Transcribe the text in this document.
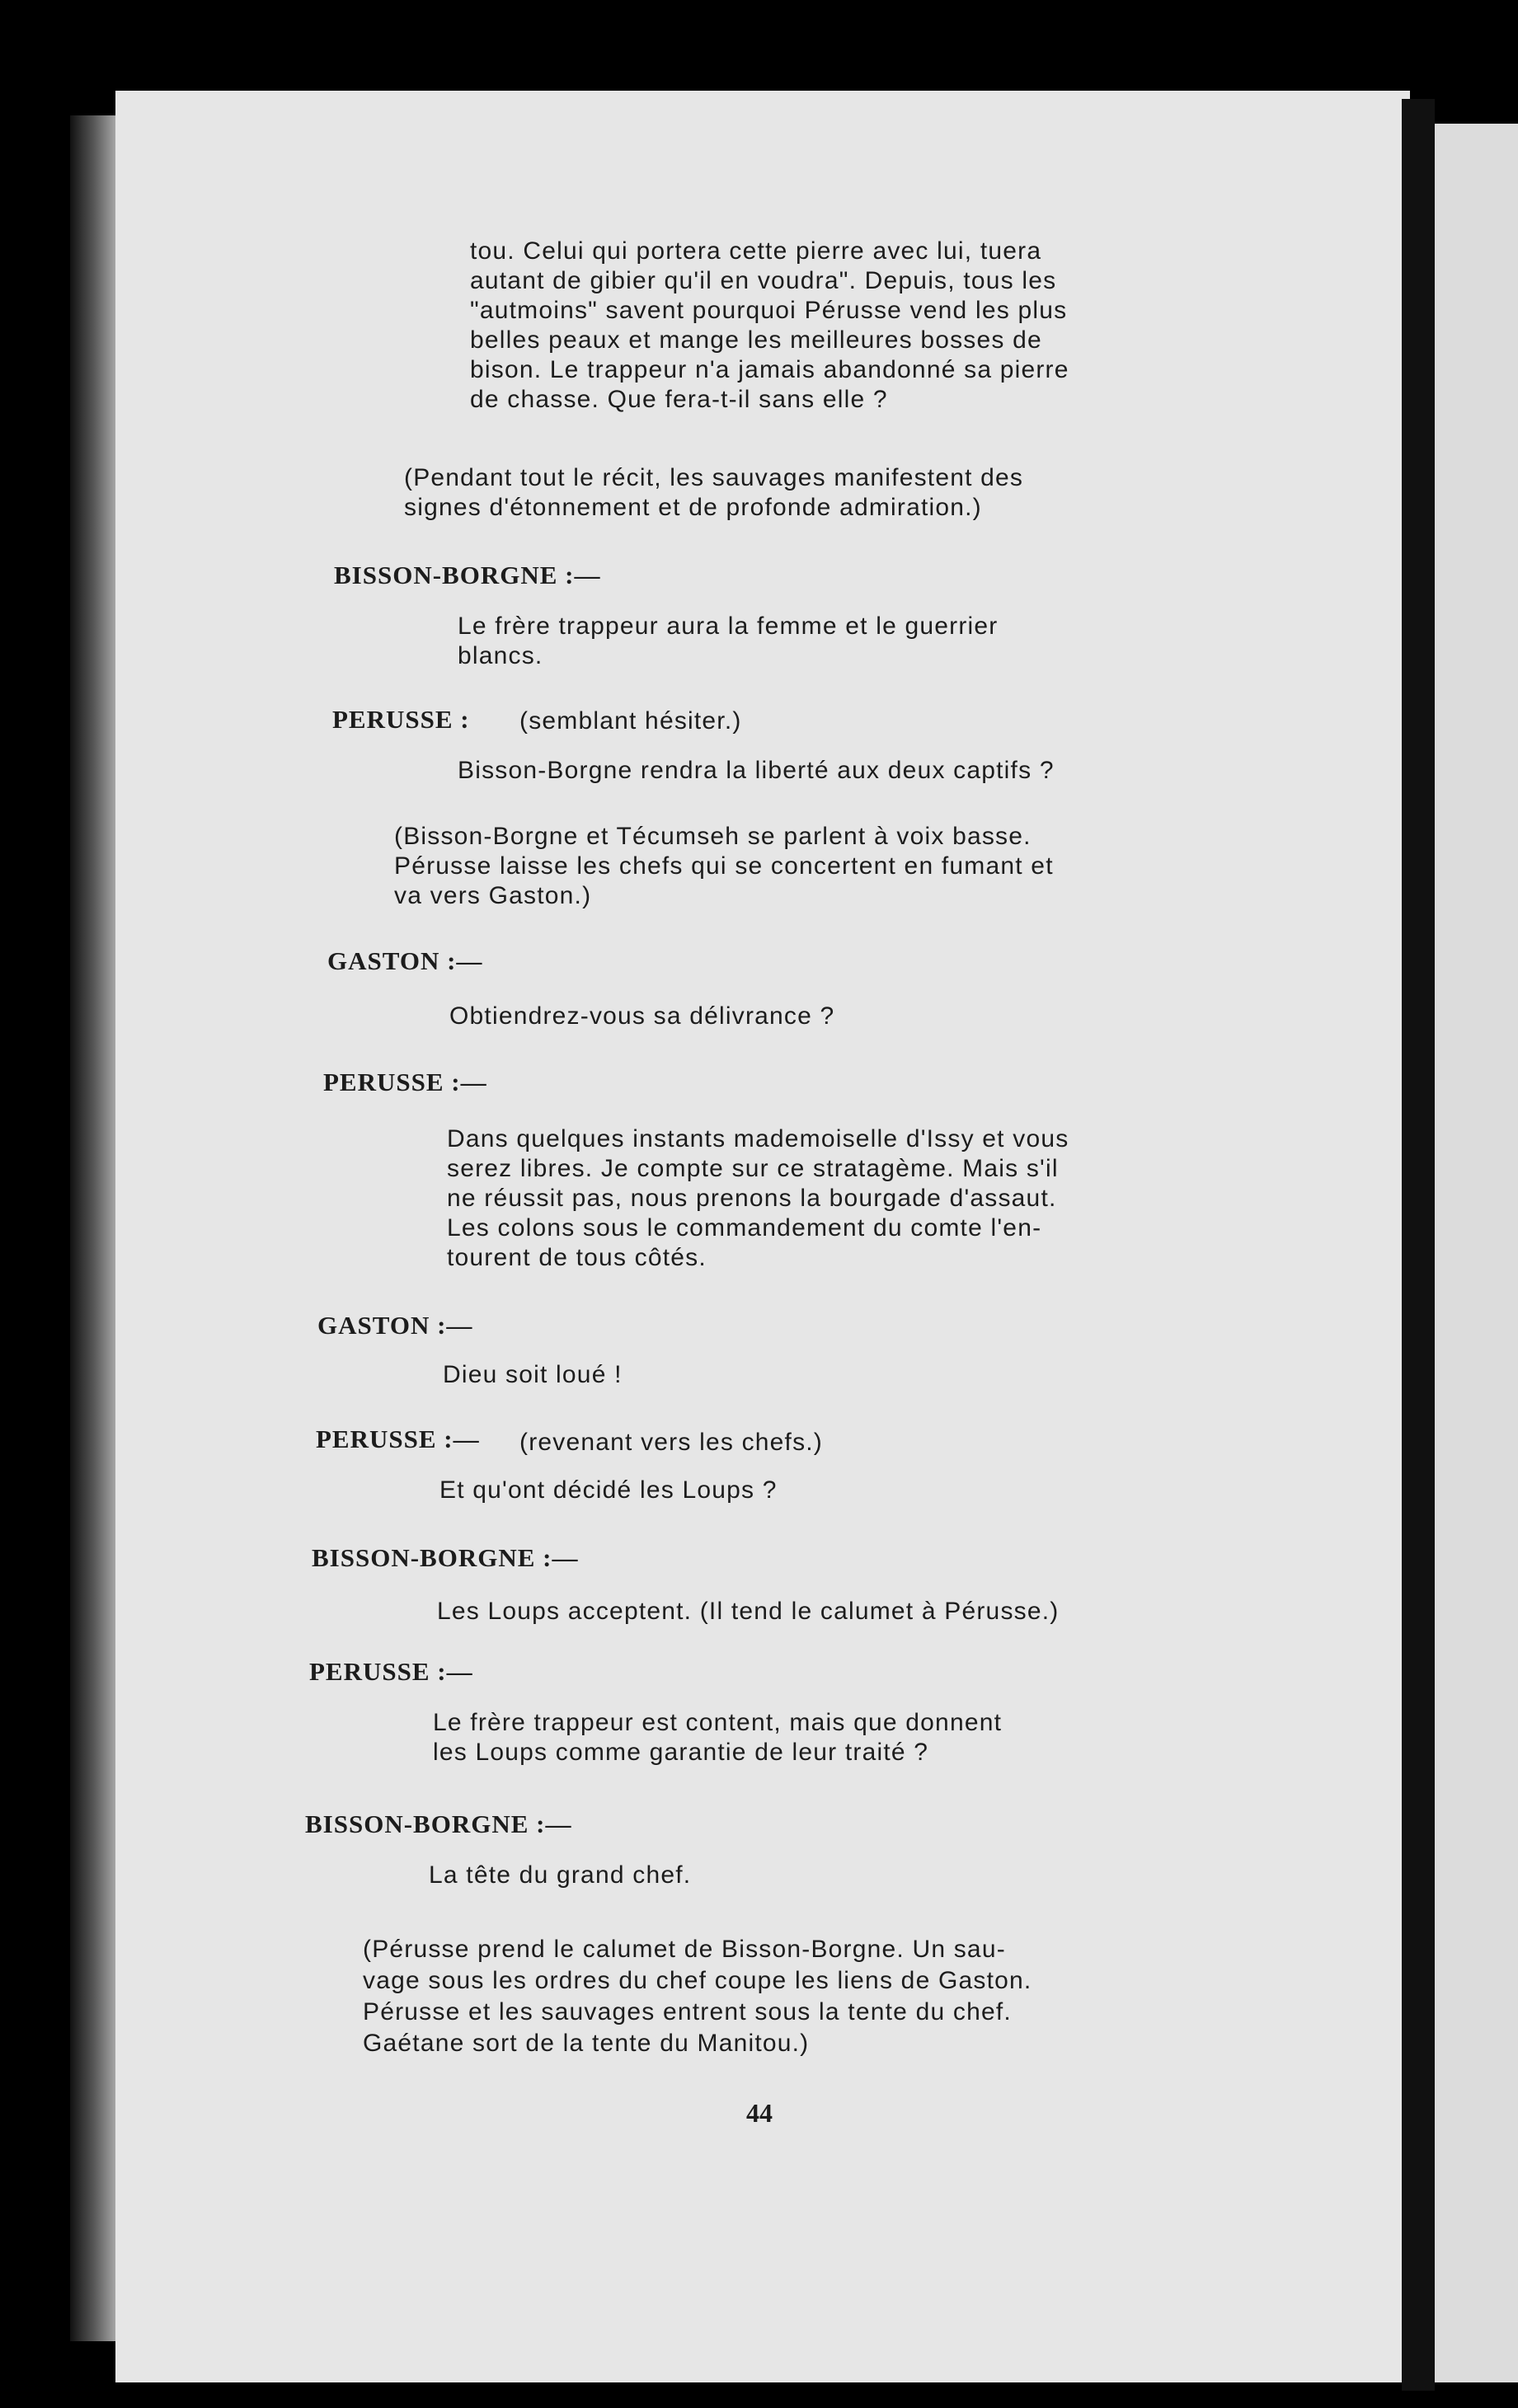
tou. Celui qui portera cette pierre avec lui, tuera
autant de gibier qu'il en voudra". Depuis, tous les
"autmoins" savent pourquoi Pérusse vend les plus
belles peaux et mange les meilleures bosses de
bison. Le trappeur n'a jamais abandonné sa pierre
de chasse. Que fera-t-il sans elle ?
(Pendant tout le récit, les sauvages manifestent des
signes d'étonnement et de profonde admiration.)
BISSON-BORGNE :—
Le frère trappeur aura la femme et le guerrier
blancs.
PERUSSE : (semblant hésiter.)
Bisson-Borgne rendra la liberté aux deux captifs ?
(Bisson-Borgne et Técumseh se parlent à voix basse.
Pérusse laisse les chefs qui se concertent en fumant et
va vers Gaston.)
GASTON :—
Obtiendrez-vous sa délivrance ?
PERUSSE :—
Dans quelques instants mademoiselle d'Issy et vous
serez libres. Je compte sur ce stratagème. Mais s'il
ne réussit pas, nous prenons la bourgade d'assaut.
Les colons sous le commandement du comte l'en-
tourent de tous côtés.
GASTON :—
Dieu soit loué !
PERUSSE :— (revenant vers les chefs.)
Et qu'ont décidé les Loups ?
BISSON-BORGNE :—
Les Loups acceptent. (Il tend le calumet à Pérusse.)
PERUSSE :—
Le frère trappeur est content, mais que donnent
les Loups comme garantie de leur traité ?
BISSON-BORGNE :—
La tête du grand chef.
(Pérusse prend le calumet de Bisson-Borgne. Un sau-
vage sous les ordres du chef coupe les liens de Gaston.
Pérusse et les sauvages entrent sous la tente du chef.
Gaétane sort de la tente du Manitou.)
44
